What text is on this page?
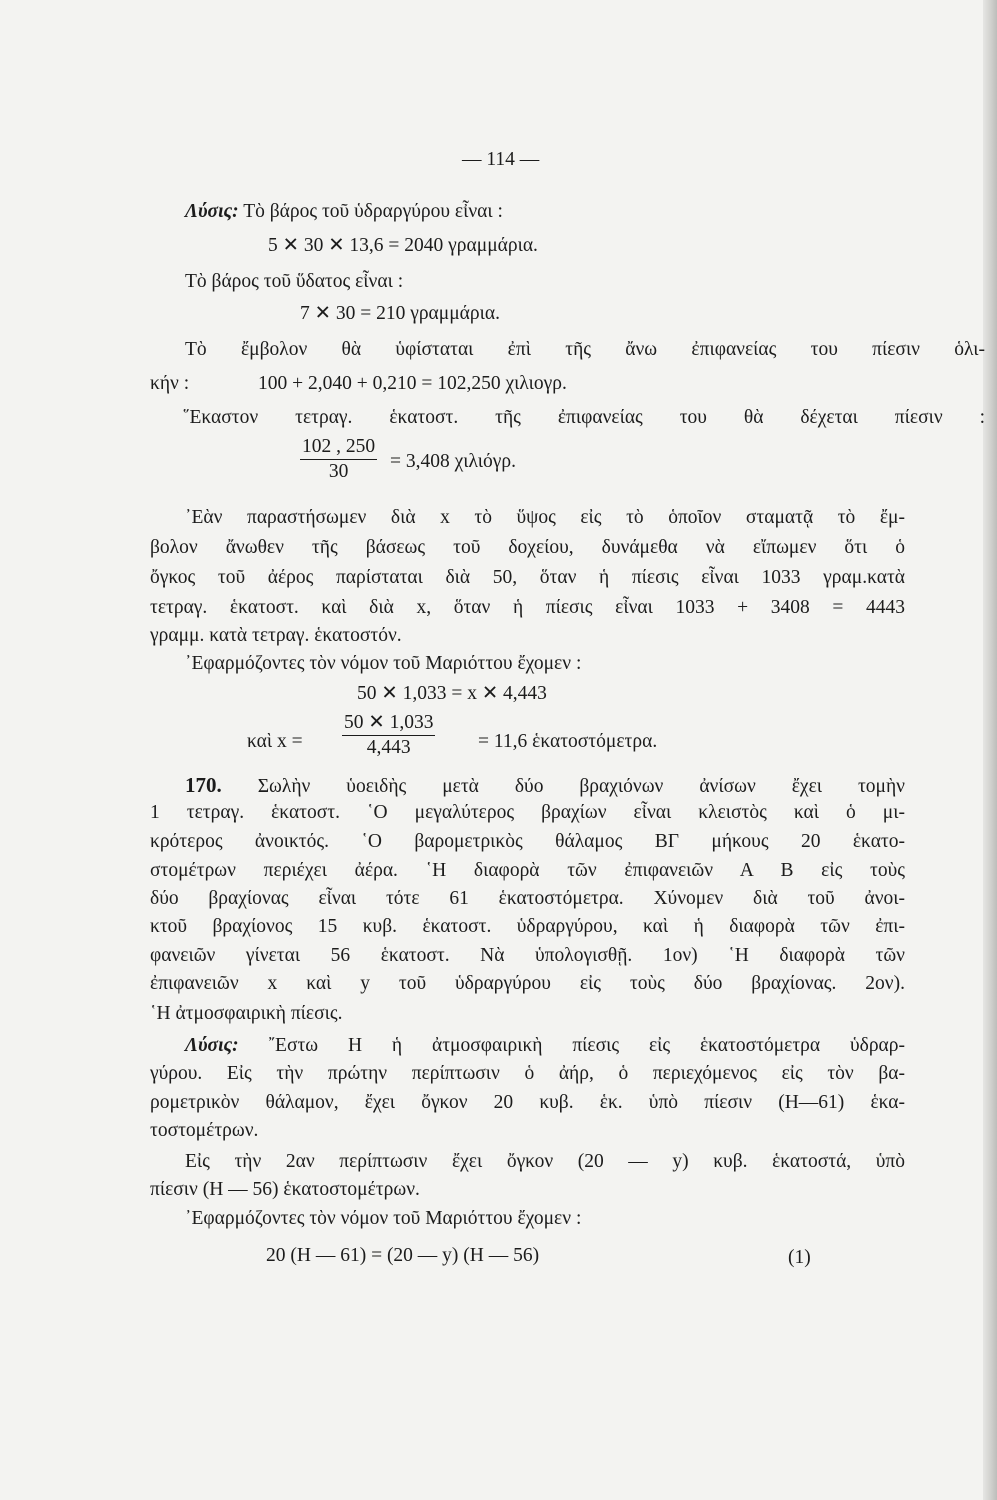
— 114 —
Λύσις: Τὸ βάρος τοῦ ὑδραργύρου εἶναι :
5 ✕ 30 ✕ 13,6 = 2040 γραμμάρια.
Τὸ βάρος τοῦ ὕδατος εἶναι :
7 ✕ 30 = 210 γραμμάρια.
Τὸ ἔμβολον θὰ ὑφίσταται ἐπὶ τῆς ἄνω ἐπιφανείας του πίεσιν ὁλι-
κήν :	100 + 2,040 + 0,210 = 102,250 χιλιογρ.
῞Εκαστον τετραγ. ἑκατοστ. τῆς ἐπιφανείας του θὰ δέχεται πίεσιν :
$\frac{102 , 250}{30} = 3,408$ χιλιόγρ.
᾿Εὰν παραστήσωμεν διὰ x τὸ ὕψος εἰς τὸ ὁποῖον σταματᾷ τὸ ἔμ-
βολον ἄνωθεν τῆς βάσεως τοῦ δοχείου, δυνάμεθα νὰ εἴπωμεν ὅτι ὁ
ὄγκος τοῦ ἀέρος παρίσταται διὰ 50, ὅταν ἡ πίεσις εἶναι 1033 γραμ.κατὰ
τετραγ. ἑκατοστ. καὶ διὰ x, ὅταν ἡ πίεσις εἶναι 1033 + 3408 = 4443
γραμμ. κατὰ τετραγ. ἑκατοστόν.
᾿Εφαρμόζοντες τὸν νόμον τοῦ Μαριόττου ἔχομεν :
50 ✕ 1,033 = x ✕ 4,443
καὶ $x = \frac{50 ✕ 1,033}{4,443} = 11,6$ ἑκατοστόμετρα.
170. Σωλὴν ὑοειδὴς μετὰ δύο βραχιόνων ἀνίσων ἔχει τομὴν
1 τετραγ. ἑκατοστ. ῾Ο μεγαλύτερος βραχίων εἶναι κλειστὸς καὶ ὁ μι-
κρότερος ἀνοικτός. ῾Ο βαρομετρικὸς θάλαμος ΒΓ μήκους 20 ἑκατο-
στομέτρων περιέχει ἀέρα. ῾Η διαφορὰ τῶν ἐπιφανειῶν Α Β εἰς τοὺς
δύο βραχίονας εἶναι τότε 61 ἑκατοστόμετρα. Χύνομεν διὰ τοῦ ἀνοι-
κτοῦ βραχίονος 15 κυβ. ἑκατοστ. ὑδραργύρου, καὶ ἡ διαφορὰ τῶν ἐπι-
φανειῶν γίνεται 56 ἑκατοστ. Νὰ ὑπολογισθῇ. 1ον) ῾Η διαφορὰ τῶν
ἐπιφανειῶν x καὶ y τοῦ ὑδραργύρου εἰς τοὺς δύο βραχίονας. 2ον).
῾Η ἀτμοσφαιρικὴ πίεσις.
Λύσις: ῎Εστω Η ἡ ἀτμοσφαιρικὴ πίεσις εἰς ἑκατοστόμετρα ὑδραρ-
γύρου. Εἰς τὴν πρώτην περίπτωσιν ὁ ἀήρ, ὁ περιεχόμενος εἰς τὸν βα-
ρομετρικὸν θάλαμον, ἔχει ὄγκον 20 κυβ. ἑκ. ὑπὸ πίεσιν (Η—61) ἑκα-
τοστομέτρων.
Εἰς τὴν 2αν περίπτωσιν ἔχει ὄγκον (20 — y) κυβ. ἑκατοστά, ὑπὸ
πίεσιν (Η — 56) ἑκατοστομέτρων.
᾿Εφαρμόζοντες τὸν νόμον τοῦ Μαριόττου ἔχομεν :
20 (Η — 61) = (20 — y) (Η — 56)	(1)
